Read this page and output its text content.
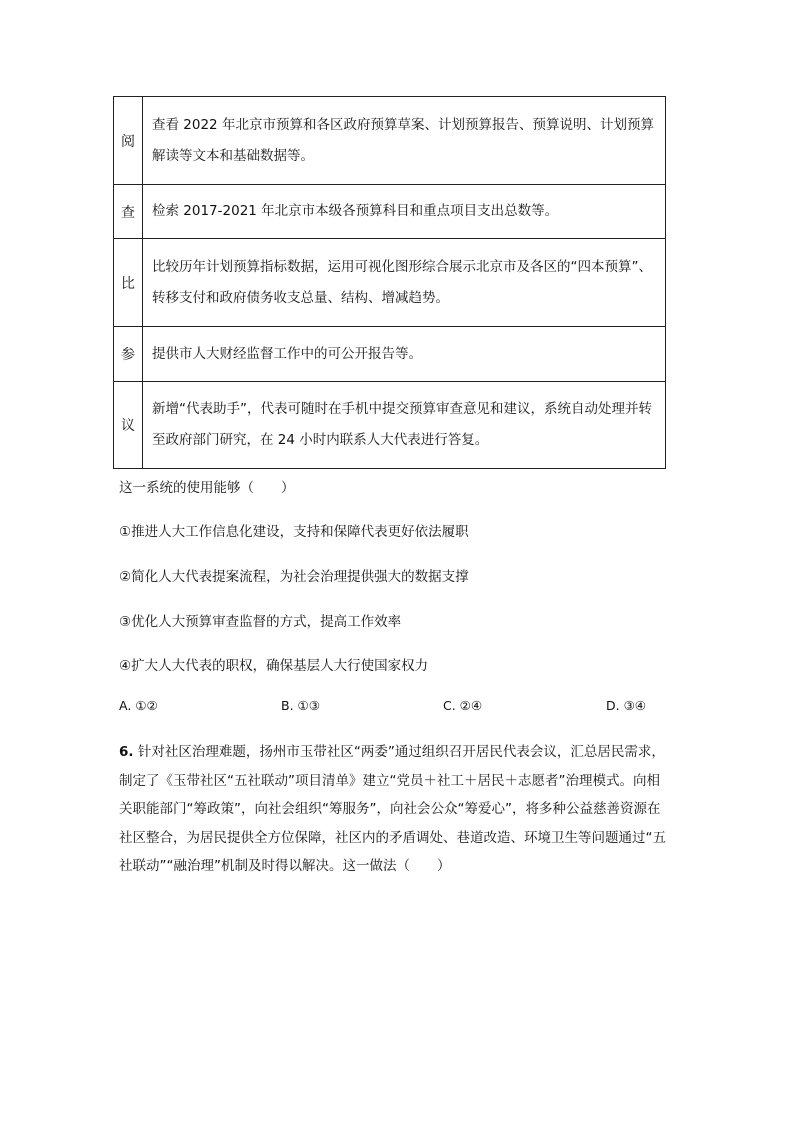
阅	查看 2022 年北京市预算和各区政府预算草案、计划预算报告、预算说明、计划预算解读等文本和基础数据等。
查	检索 2017-2021 年北京市本级各预算科目和重点项目支出总数等。
比	比较历年计划预算指标数据，运用可视化图形综合展示北京市及各区的“四本预算”、转移支付和政府债务收支总量、结构、增减趋势。
参	提供市人大财经监督工作中的可公开报告等。
议	新增“代表助手”，代表可随时在手机中提交预算审查意见和建议，系统自动处理并转至政府部门研究，在 24 小时内联系人大代表进行答复。
这一系统的使用能够（　　）
①推进人大工作信息化建设，支持和保障代表更好依法履职
②简化人大代表提案流程，为社会治理提供强大的数据支撑
③优化人大预算审查监督的方式，提高工作效率
④扩大人大代表的职权，确保基层人大行使国家权力
A. ①②	B. ①③	C. ②④	D. ③④
6. 针对社区治理难题，扬州市玉带社区“两委”通过组织召开居民代表会议，汇总居民需求，制定了《玉带社区“五社联动”项目清单》建立“党员＋社工＋居民＋志愿者”治理模式。向相关职能部门“筹政策”，向社会组织“筹服务”，向社会公众“筹爱心”，将多种公益慈善资源在社区整合，为居民提供全方位保障，社区内的矛盾调处、巷道改造、环境卫生等问题通过“五社联动”“融治理”机制及时得以解决。这一做法（　　）
